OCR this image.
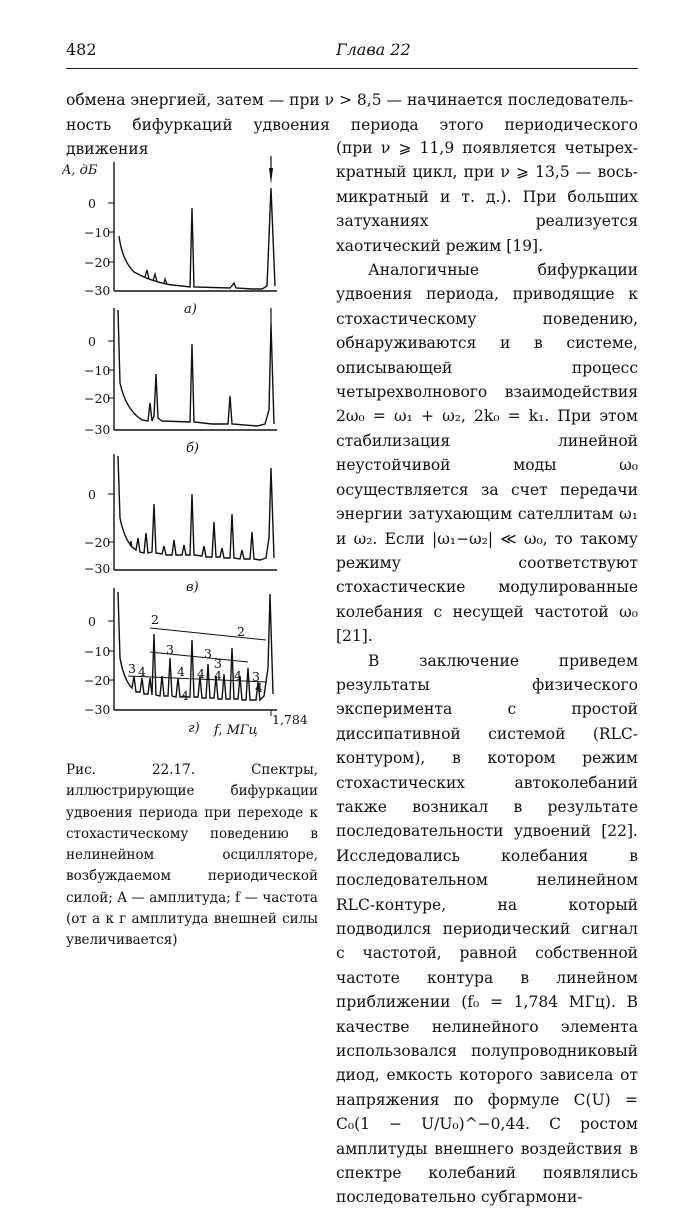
482	Глава 22
обмена энергией, затем — при ν > 8,5 — начинается последователь-
ность бифуркаций удвоения периода этого периодического движения
A, дБ
0
−10
−20
−30
а)
0
−10
−20
−30
б)
0
−20
−30
в)
0
−10
−20
−30
2
2
3 3
3
3
4 4 4 4 4
4
3
4
1,784
г) f, МГц

(при ν ⩾ 11,9 появляется четырех-кратный цикл, при ν ⩾ 13,5 — вось-микратный и т. д.). При больших затуханиях реализуется хаотический режим [19].

Аналогичные бифуркации удвоения периода, приводящие к стохастическому поведению, обнаруживаются и в системе, описывающей процесс четырехволнового взаимодействия 2ω₀ = ω₁ + ω₂, 2k₀ = k₁. При этом стабилизация линейной неустойчивой моды ω₀ осуществляется за счет передачи энергии затухающим сателлитам ω₁ и ω₂. Если |ω₁−ω₂| ≪ ω₀, то такому режиму соответствуют стохастические модулированные колебания с несущей частотой ω₀ [21].

В заключение приведем результаты физического эксперимента с простой диссипативной системой (RLC-контуром), в котором режим стохастических автоколебаний также возникал в результате последовательности удвоений [22]. Исследовались колебания в последовательном нелинейном RLC-контуре, на который подводился периодический сигнал с частотой, равной собственной частоте контура в линейном приближении (f₀ = 1,784 МГц). В качестве нелинейного элемента использовался полупроводниковый диод, емкость которого зависела от напряжения по формуле C(U) = C₀(1 − U/U₀)^−0,44. С ростом амплитуды внешнего воздействия в спектре колебаний появлялись последовательно субгармони-

Рис. 22.17. Спектры, иллюстрирующие бифуркации удвоения периода при переходе к стохастическому поведению в нелинейном осцилляторе, возбуждаемом периодической силой; A — амплитуда; f — частота (от а к г амплитуда внешней силы увеличивается)
